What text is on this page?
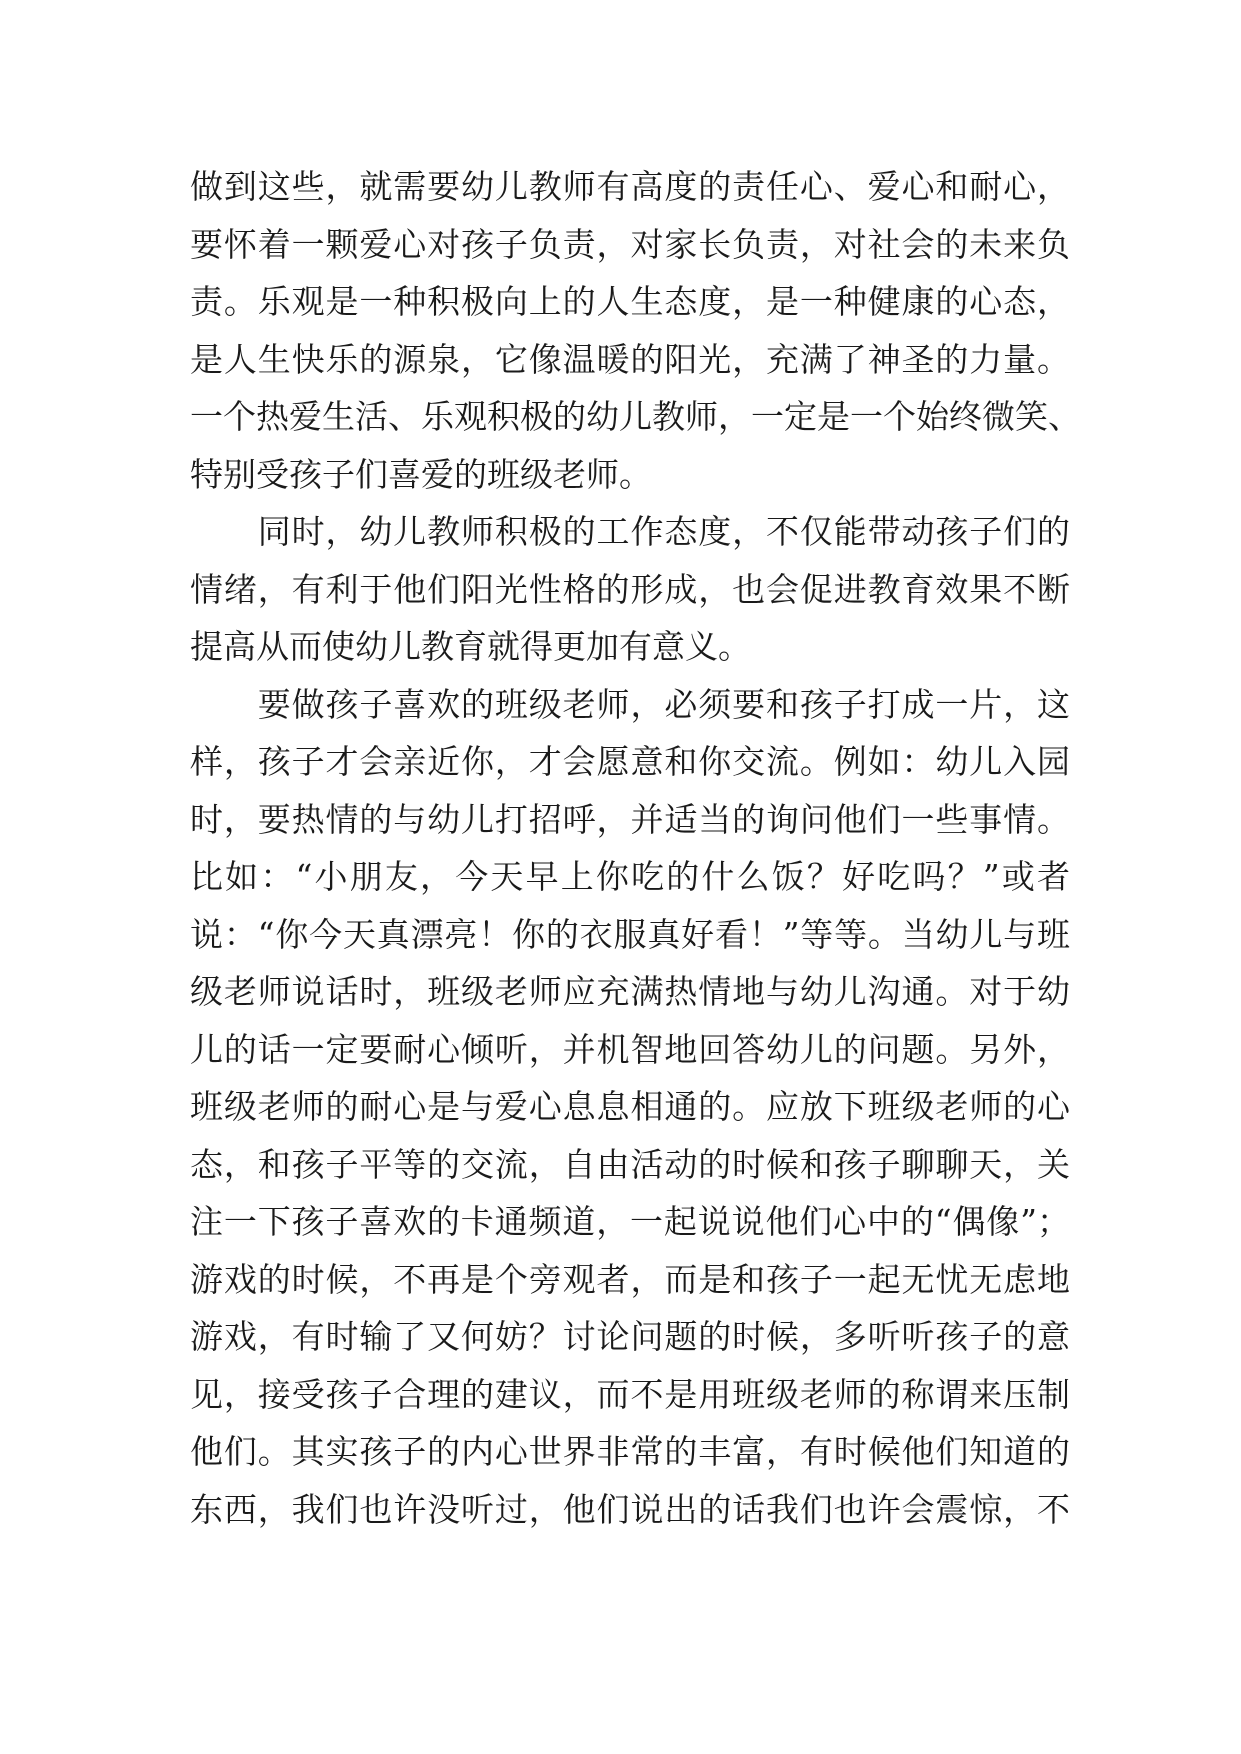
做到这些，就需要幼儿教师有高度的责任心、爱心和耐心，
要怀着一颗爱心对孩子负责，对家长负责，对社会的未来负
责。乐观是一种积极向上的人生态度，是一种健康的心态，
是人生快乐的源泉，它像温暖的阳光，充满了神圣的力量。
一个热爱生活、乐观积极的幼儿教师，一定是一个始终微笑、
特别受孩子们喜爱的班级老师。
　　同时，幼儿教师积极的工作态度，不仅能带动孩子们的
情绪，有利于他们阳光性格的形成，也会促进教育效果不断
提高从而使幼儿教育就得更加有意义。
　　要做孩子喜欢的班级老师，必须要和孩子打成一片，这
样，孩子才会亲近你，才会愿意和你交流。例如：幼儿入园
时，要热情的与幼儿打招呼，并适当的询问他们一些事情。
比如：“小朋友，今天早上你吃的什么饭？好吃吗？”或者
说：“你今天真漂亮！你的衣服真好看！”等等。当幼儿与班
级老师说话时，班级老师应充满热情地与幼儿沟通。对于幼
儿的话一定要耐心倾听，并机智地回答幼儿的问题。另外，
班级老师的耐心是与爱心息息相通的。应放下班级老师的心
态，和孩子平等的交流，自由活动的时候和孩子聊聊天，关
注一下孩子喜欢的卡通频道，一起说说他们心中的“偶像”；
游戏的时候，不再是个旁观者，而是和孩子一起无忧无虑地
游戏，有时输了又何妨？讨论问题的时候，多听听孩子的意
见，接受孩子合理的建议，而不是用班级老师的称谓来压制
他们。其实孩子的内心世界非常的丰富，有时候他们知道的
东西，我们也许没听过，他们说出的话我们也许会震惊，不
